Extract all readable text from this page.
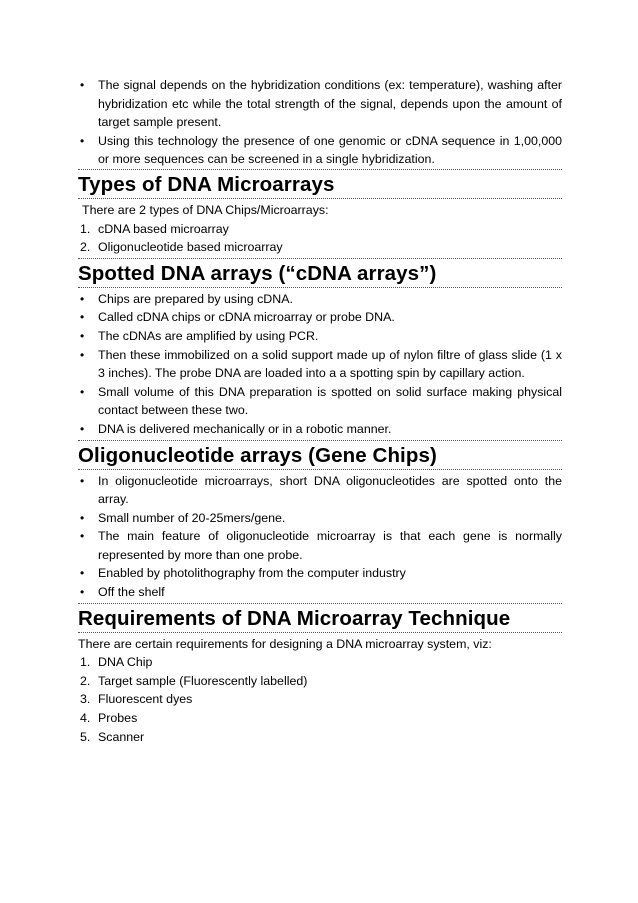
• The signal depends on the hybridization conditions (ex: temperature), washing after hybridization etc while the total strength of the signal, depends upon the amount of target sample present.
• Using this technology the presence of one genomic or cDNA sequence in 1,00,000 or more sequences can be screened in a single hybridization.
Types of DNA Microarrays

There are 2 types of DNA Chips/Microarrays:

1. cDNA based microarray
2. Oligonucleotide based microarray
Spotted DNA arrays (“cDNA arrays”)
• Chips are prepared by using cDNA.
• Called cDNA chips or cDNA microarray or probe DNA.
• The cDNAs are amplified by using PCR.
• Then these immobilized on a solid support made up of nylon filtre of glass slide (1 x 3 inches). The probe DNA are loaded into a a spotting spin by capillary action.
• Small volume of this DNA preparation is spotted on solid surface making physical contact between these two.
• DNA is delivered mechanically or in a robotic manner.
Oligonucleotide arrays (Gene Chips)
• In oligonucleotide microarrays, short DNA oligonucleotides are spotted onto the array.
• Small number of 20-25mers/gene.
• The main feature of oligonucleotide microarray is that each gene is normally represented by more than one probe.
• Enabled by photolithography from the computer industry
• Off the shelf
Requirements of DNA Microarray Technique

There are certain requirements for designing a DNA microarray system, viz:

1. DNA Chip
2. Target sample (Fluorescently labelled)
3. Fluorescent dyes
4. Probes
5. Scanner
